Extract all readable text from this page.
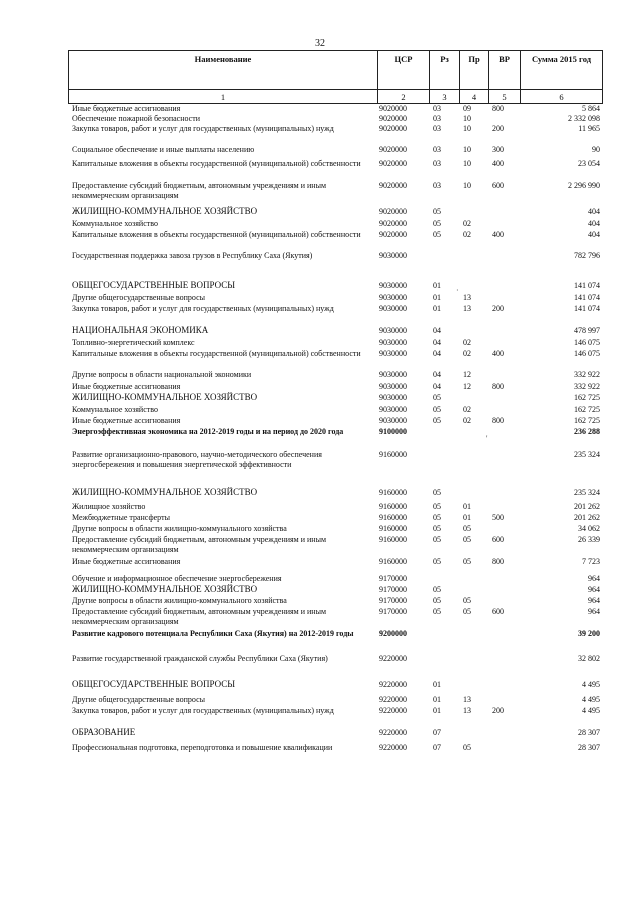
32
Наименование	ЦСР	Рз	Пр	ВР	Сумма 2015 год
1	2	3	4	5	6
Иные бюджетные ассигнования	9020000	03	09	800	5 864
Обеспечение пожарной безопасности	9020000	03	10		2 332 098
Закупка товаров, работ и услуг для государственных (муниципальных) нужд	9020000	03	10	200	11 965
Социальное обеспечение и иные выплаты населению	9020000	03	10	300	90
Капитальные вложения в объекты государственной (муниципальной) собственности	9020000	03	10	400	23 054
Предоставление субсидий бюджетным, автономным учреждениям и иным некоммерческим организациям	9020000	03	10	600	2 296 990
ЖИЛИЩНО-КОММУНАЛЬНОЕ ХОЗЯЙСТВО	9020000	05			404
Коммунальное хозяйство	9020000	05	02		404
Капитальные вложения в объекты государственной (муниципальной) собственности	9020000	05	02	400	404
Государственная поддержка завоза грузов в Республику Саха (Якутия)	9030000				782 796
ОБЩЕГОСУДАРСТВЕННЫЕ ВОПРОСЫ	9030000	01			141 074
Другие общегосударственные вопросы	9030000	01	13		141 074
Закупка товаров, работ и услуг для государственных (муниципальных) нужд	9030000	01	13	200	141 074
НАЦИОНАЛЬНАЯ ЭКОНОМИКА	9030000	04			478 997
Топливно-энергетический комплекс	9030000	04	02		146 075
Капитальные вложения в объекты государственной (муниципальной) собственности	9030000	04	02	400	146 075
Другие вопросы в области национальной экономики	9030000	04	12		332 922
Иные бюджетные ассигнования	9030000	04	12	800	332 922
ЖИЛИЩНО-КОММУНАЛЬНОЕ ХОЗЯЙСТВО	9030000	05			162 725
Коммунальное хозяйство	9030000	05	02		162 725
Иные бюджетные ассигнования	9030000	05	02	800	162 725
Энергоэффективная экономика на 2012-2019 годы и на период до 2020 года	9100000				236 288
Развитие организационно-правового, научно-методического обеспечения энергосбережения и повышения энергетической эффективности	9160000				235 324
ЖИЛИЩНО-КОММУНАЛЬНОЕ ХОЗЯЙСТВО	9160000	05			235 324
Жилищное хозяйство	9160000	05	01		201 262
Межбюджетные трансферты	9160000	05	01	500	201 262
Другие вопросы в области жилищно-коммунального хозяйства	9160000	05	05		34 062
Предоставление субсидий бюджетным, автономным учреждениям и иным некоммерческим организациям	9160000	05	05	600	26 339
Иные бюджетные ассигнования	9160000	05	05	800	7 723
Обучение и информационное обеспечение энергосбережения	9170000				964
ЖИЛИЩНО-КОММУНАЛЬНОЕ ХОЗЯЙСТВО	9170000	05			964
Другие вопросы в области жилищно-коммунального хозяйства	9170000	05	05		964
Предоставление субсидий бюджетным, автономным учреждениям и иным некоммерческим организациям	9170000	05	05	600	964
Развитие кадрового потенциала Республики Саха (Якутия) на 2012-2019 годы	9200000				39 200
Развитие государственной гражданской службы Республики Саха (Якутия)	9220000				32 802
ОБЩЕГОСУДАРСТВЕННЫЕ ВОПРОСЫ	9220000	01			4 495
Другие общегосударственные вопросы	9220000	01	13		4 495
Закупка товаров, работ и услуг для государственных (муниципальных) нужд	9220000	01	13	200	4 495
ОБРАЗОВАНИЕ	9220000	07			28 307
Профессиональная подготовка, переподготовка и повышение квалификации	9220000	07	05		28 307
·
'
